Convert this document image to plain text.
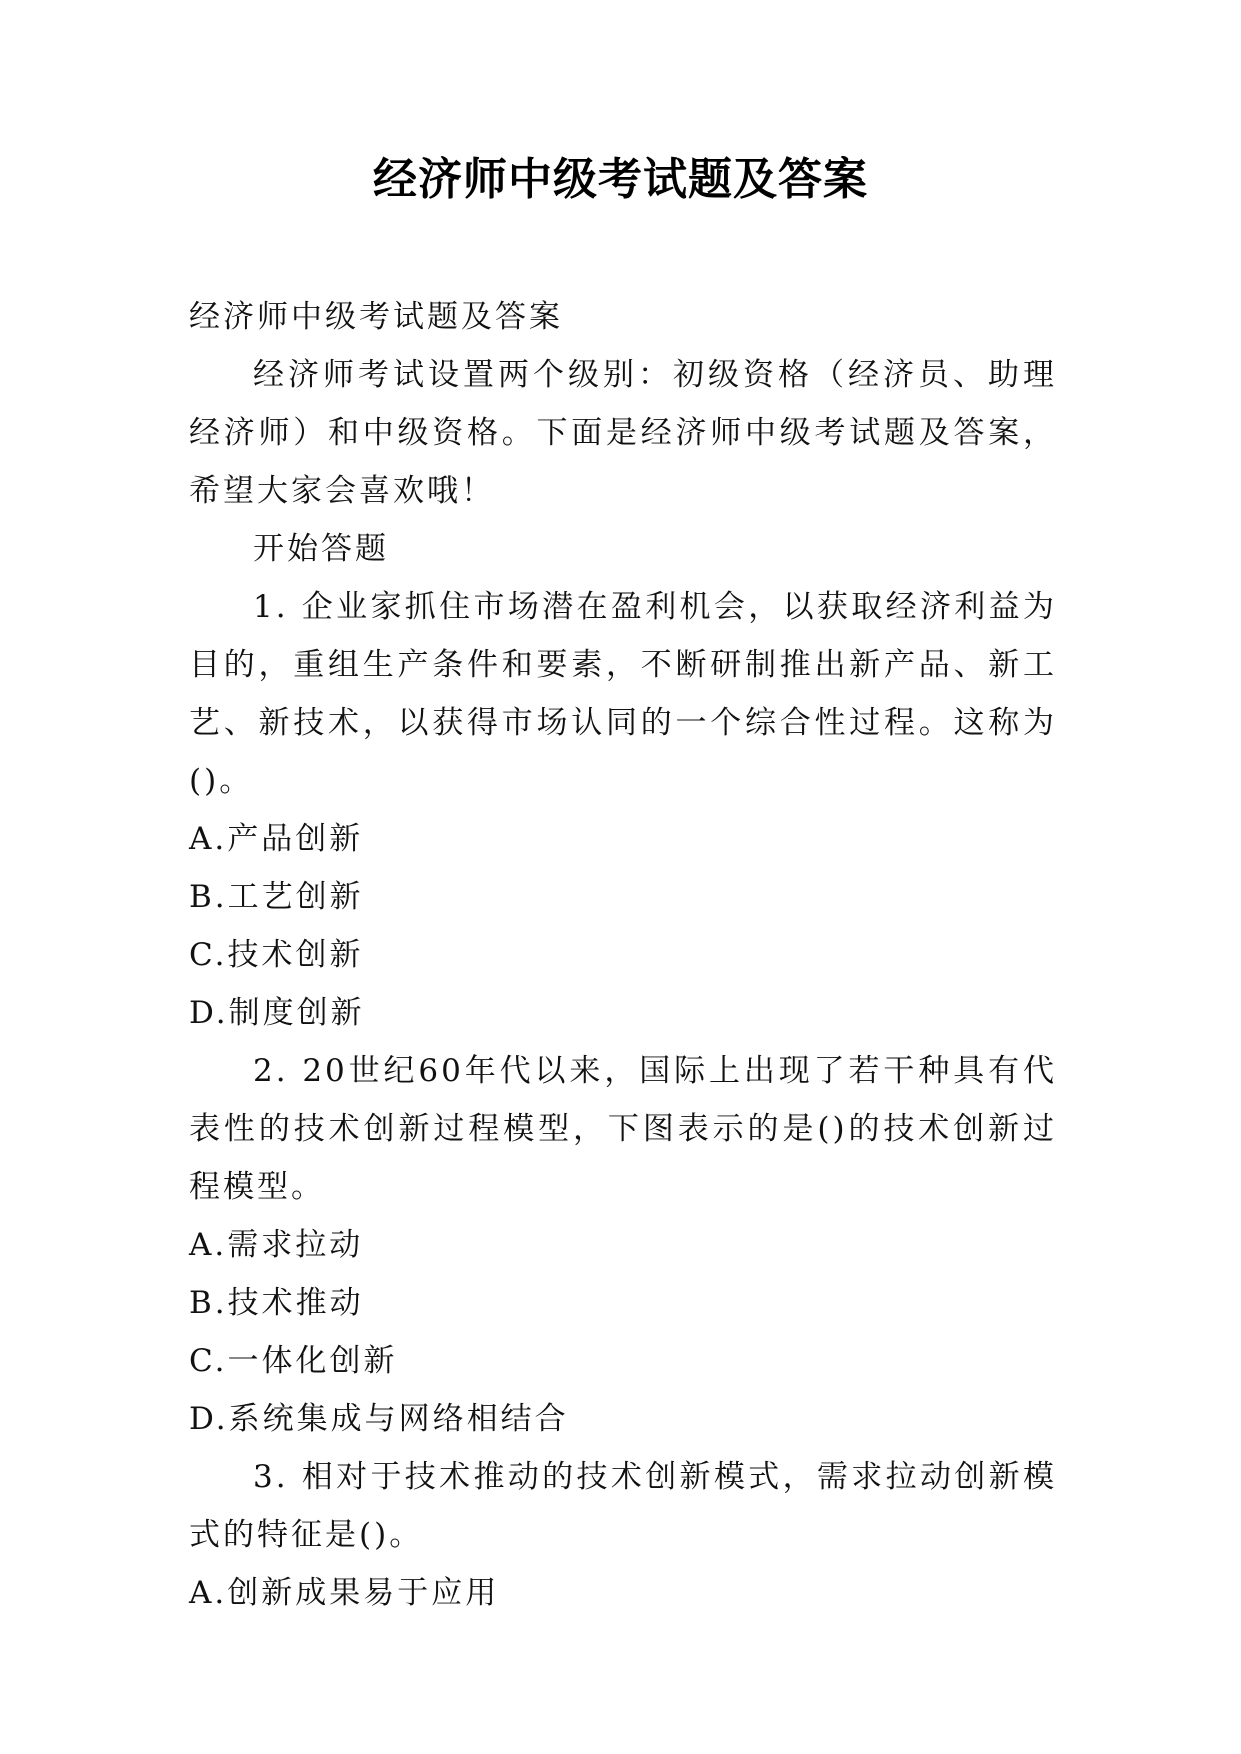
经济师中级考试题及答案

经济师中级考试题及答案

经济师考试设置两个级别：初级资格（经济员、助理经济师）和中级资格。下面是经济师中级考试题及答案，希望大家会喜欢哦！

开始答题

1. 企业家抓住市场潜在盈利机会，以获取经济利益为目的，重组生产条件和要素，不断研制推出新产品、新工艺、新技术，以获得市场认同的一个综合性过程。这称为()。

A.产品创新

B.工艺创新

C.技术创新

D.制度创新

2. 20世纪60年代以来，国际上出现了若干种具有代表性的技术创新过程模型，下图表示的是()的技术创新过程模型。

A.需求拉动

B.技术推动

C.一体化创新

D.系统集成与网络相结合

3. 相对于技术推动的技术创新模式，需求拉动创新模式的特征是()。

A.创新成果易于应用
